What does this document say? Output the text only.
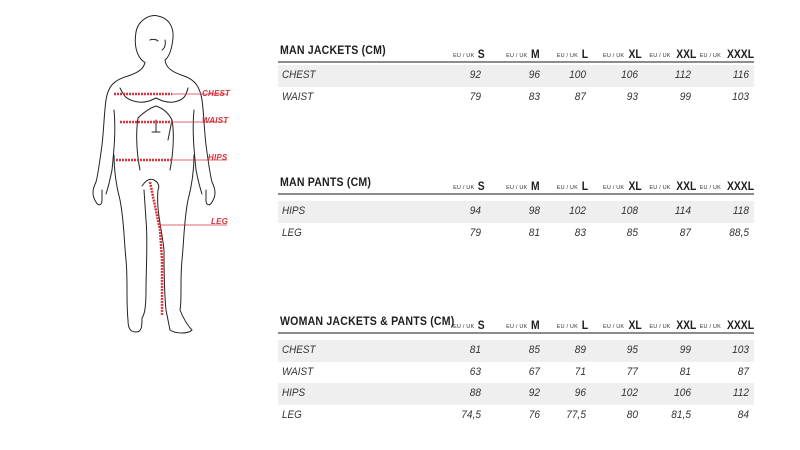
CHEST
WAIST
HIPS
LEG
MAN JACKETS (CM)	EU / UK S	EU / UK M	EU / UK L	EU / UK XL EU / UK XXL EU / UK XXXL
CHEST	92	96	100	106	112	116
WAIST	79	83	87	93	99	103
MAN PANTS (CM)	EU / UK S	EU / UK M	EU / UK L	EU / UK XL EU / UK XXL EU / UK XXXL
HIPS	94	98	102	108	114	118
LEG	79	81	83	85	87	88,5
WOMAN JACKETS & PANTS (CM)
EU / UK S	EU / UK M	EU / UK L	EU / UK XL EU / UK XXL EU / UK XXXL
CHEST	81	85	89	95	99	103
WAIST	63	67	71	77	81	87
HIPS	88	92	96	102	106	112
LEG	74,5	76	77,5	80	81,5	84
